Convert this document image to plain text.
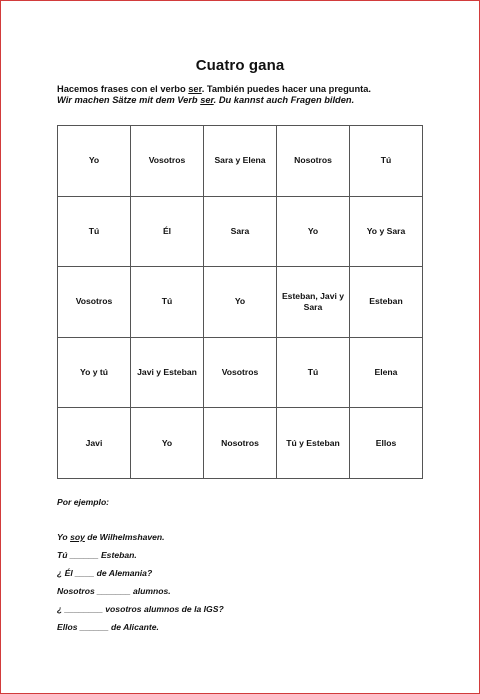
Cuatro gana
Hacemos frases con el verbo ser. También puedes hacer una pregunta.
Wir machen Sätze mit dem Verb ser. Du kannst auch Fragen bilden.
Yo	Vosotros	Sara y Elena	Nosotros	Tú
Tú	Él	Sara	Yo	Yo y Sara
Vosotros	Tú	Yo	Esteban, Javi y Sara	Esteban
Yo y tú	Javi y Esteban	Vosotros	Tú	Elena
Javi	Yo	Nosotros	Tú y Esteban	Ellos
Por ejemplo:
Yo soy de Wilhelmshaven.
Tú ______ Esteban.
¿ Él ____ de Alemania?
Nosotros _______ alumnos.
¿ ________ vosotros alumnos de la IGS?
Ellos ______ de Alicante.
